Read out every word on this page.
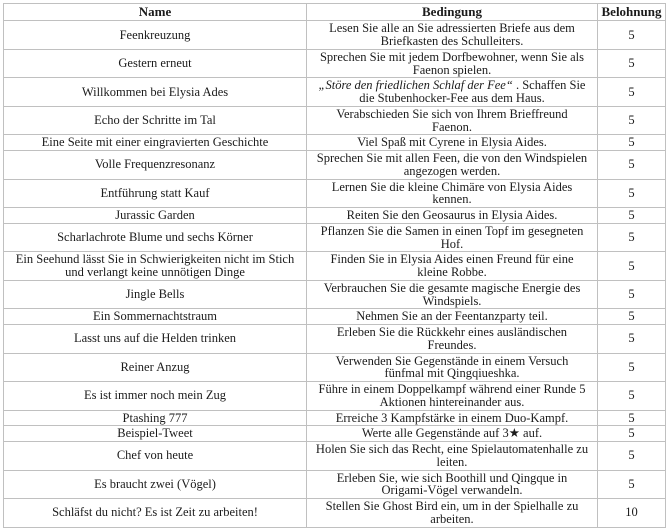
Name	Bedingung	Belohnung
Feenkreuzung	Lesen Sie alle an Sie adressierten Briefe aus dem Briefkasten des Schulleiters.	5
Gestern erneut	Sprechen Sie mit jedem Dorfbewohner, wenn Sie als Faenon spielen.	5
Willkommen bei Elysia Ades	„Störe den friedlichen Schlaf der Fee“ . Schaffen Sie die Stubenhocker-Fee aus dem Haus.	5
Echo der Schritte im Tal	Verabschieden Sie sich von Ihrem Brieffreund Faenon.	5
Eine Seite mit einer eingravierten Geschichte	Viel Spaß mit Cyrene in Elysia Aides.	5
Volle Frequenzresonanz	Sprechen Sie mit allen Feen, die von den Windspielen angezogen werden.	5
Entführung statt Kauf	Lernen Sie die kleine Chimäre von Elysia Aides kennen.	5
Jurassic Garden	Reiten Sie den Geosaurus in Elysia Aides.	5
Scharlachrote Blume und sechs Körner	Pflanzen Sie die Samen in einen Topf im gesegneten Hof.	5
Ein Seehund lässt Sie in Schwierigkeiten nicht im Stich und verlangt keine unnötigen Dinge	Finden Sie in Elysia Aides einen Freund für eine kleine Robbe.	5
Jingle Bells	Verbrauchen Sie die gesamte magische Energie des Windspiels.	5
Ein Sommernachtstraum	Nehmen Sie an der Feentanzparty teil.	5
Lasst uns auf die Helden trinken	Erleben Sie die Rückkehr eines ausländischen Freundes.	5
Reiner Anzug	Verwenden Sie Gegenstände in einem Versuch fünfmal mit Qingqiueshka.	5
Es ist immer noch mein Zug	Führe in einem Doppelkampf während einer Runde 5 Aktionen hintereinander aus.	5
Ptashing 777	Erreiche 3 Kampfstärke in einem Duo-Kampf.	5
Beispiel-Tweet	Werte alle Gegenstände auf 3★ auf.	5
Chef von heute	Holen Sie sich das Recht, eine Spielautomatenhalle zu leiten.	5
Es braucht zwei (Vögel)	Erleben Sie, wie sich Boothill und Qingque in Origami-Vögel verwandeln.	5
Schläfst du nicht? Es ist Zeit zu arbeiten!	Stellen Sie Ghost Bird ein, um in der Spielhalle zu arbeiten.	10
